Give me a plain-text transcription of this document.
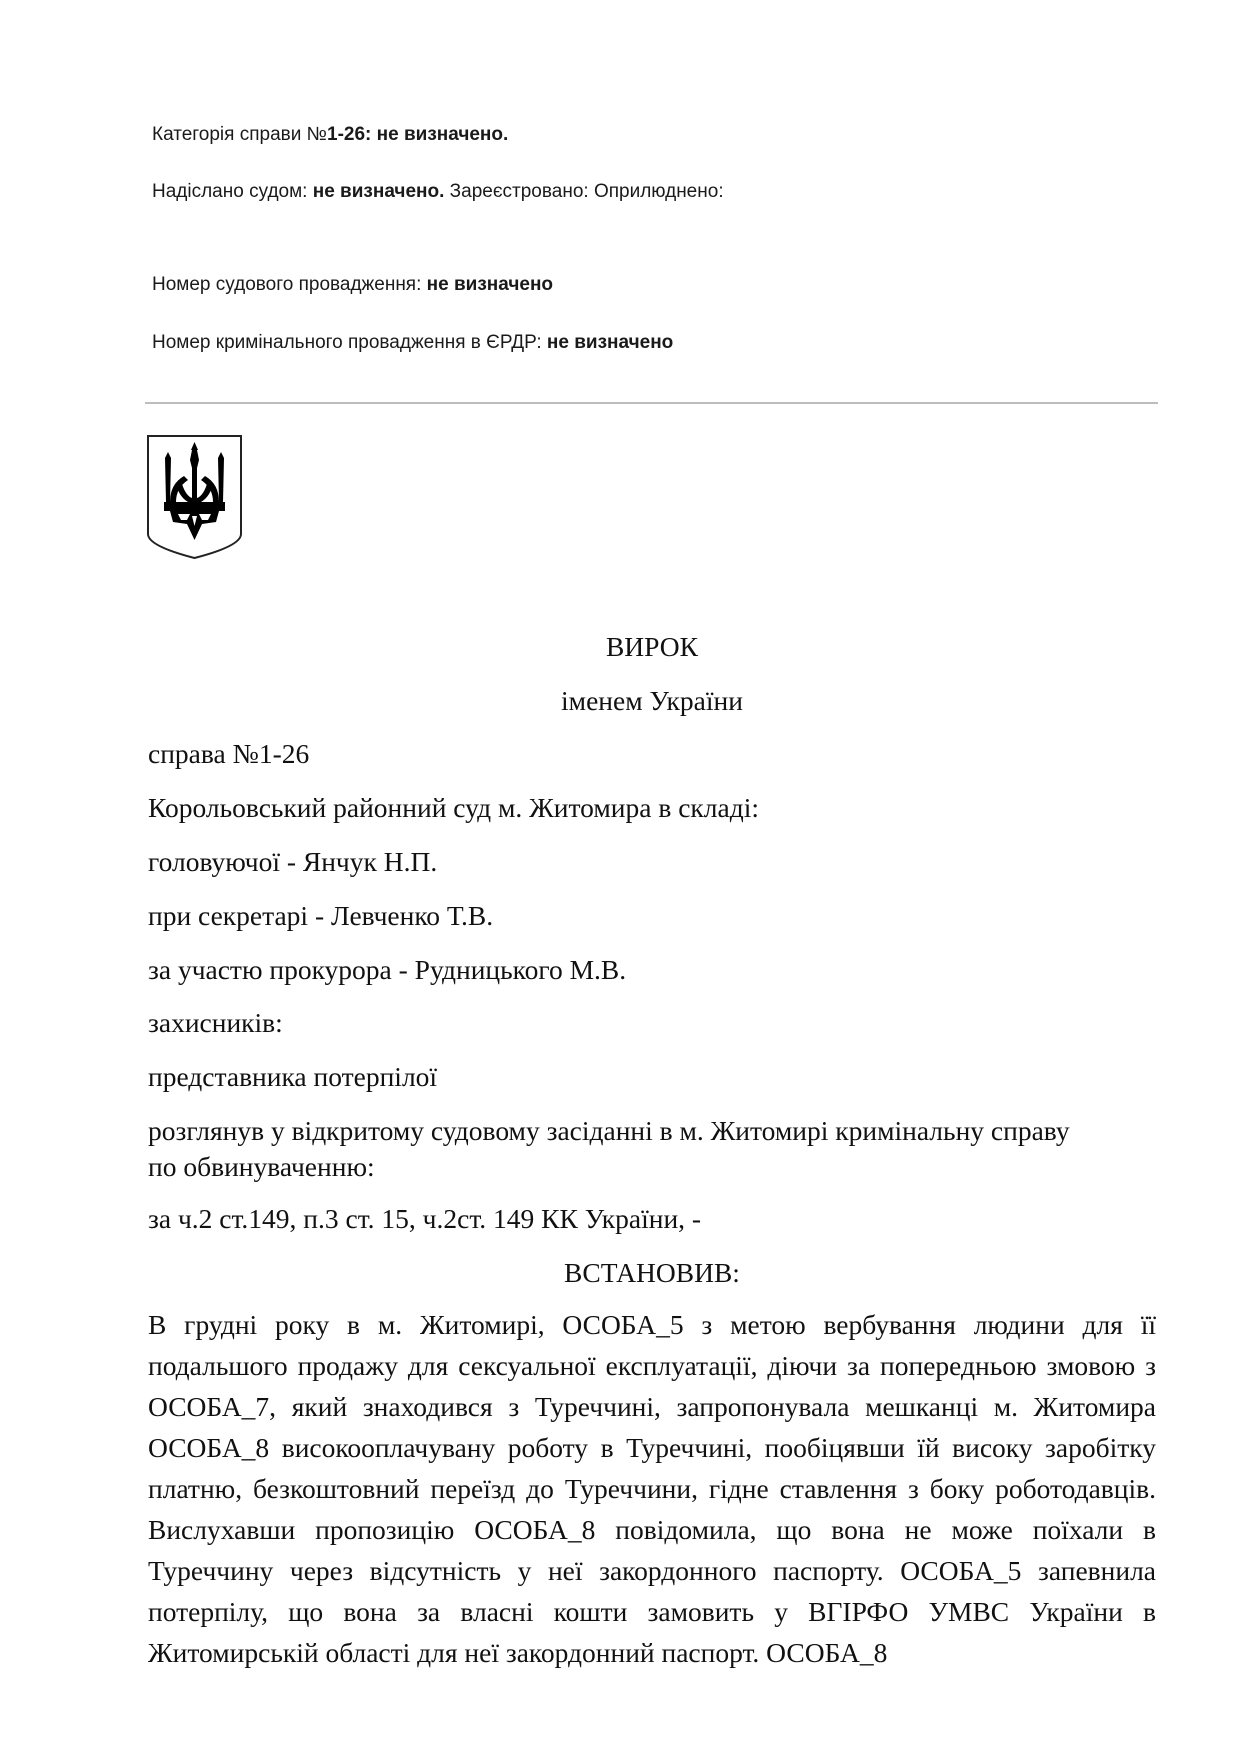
Категорія справи №1-26: не визначено.
Надіслано судом: не визначено. Зареєстровано: Оприлюднено:
Номер судового провадження: не визначено
Номер кримінального провадження в ЄРДР: не визначено
ВИРОК
іменем України
справа №1-26
Корольовський районний суд м. Житомира в складі:
головуючої - Янчук Н.П.
при секретарі - Левченко Т.В.
за участю прокурора - Рудницького М.В.
захисників:
представника потерпілої
розглянув у відкритому судовому засіданні в м. Житомирі кримінальну справу
по обвинуваченню:
за ч.2 ст.149, п.3 ст. 15, ч.2ст. 149 КК України, -
ВСТАНОВИВ:
В грудні року в м. Житомирі, ОСОБА_5 з метою вербування людини для її подальшого продажу для сексуальної експлуатації, діючи за попередньою змовою з ОСОБА_7, який знаходився з Туреччині, запропонувала мешканці м. Житомира ОСОБА_8 високооплачувану роботу в Туреччині, пообіцявши їй високу заробітку платню, безкоштовний переїзд до Туреччини, гідне ставлення з боку роботодавців. Вислухавши пропозицію ОСОБА_8 повідомила, що вона не може поїхали в Туреччину через відсутність у неї закордонного паспорту. ОСОБА_5 запевнила потерпілу, що вона за власні кошти замовить у ВГІРФО УМВС України в Житомирській області для неї закордонний паспорт. ОСОБА_8
